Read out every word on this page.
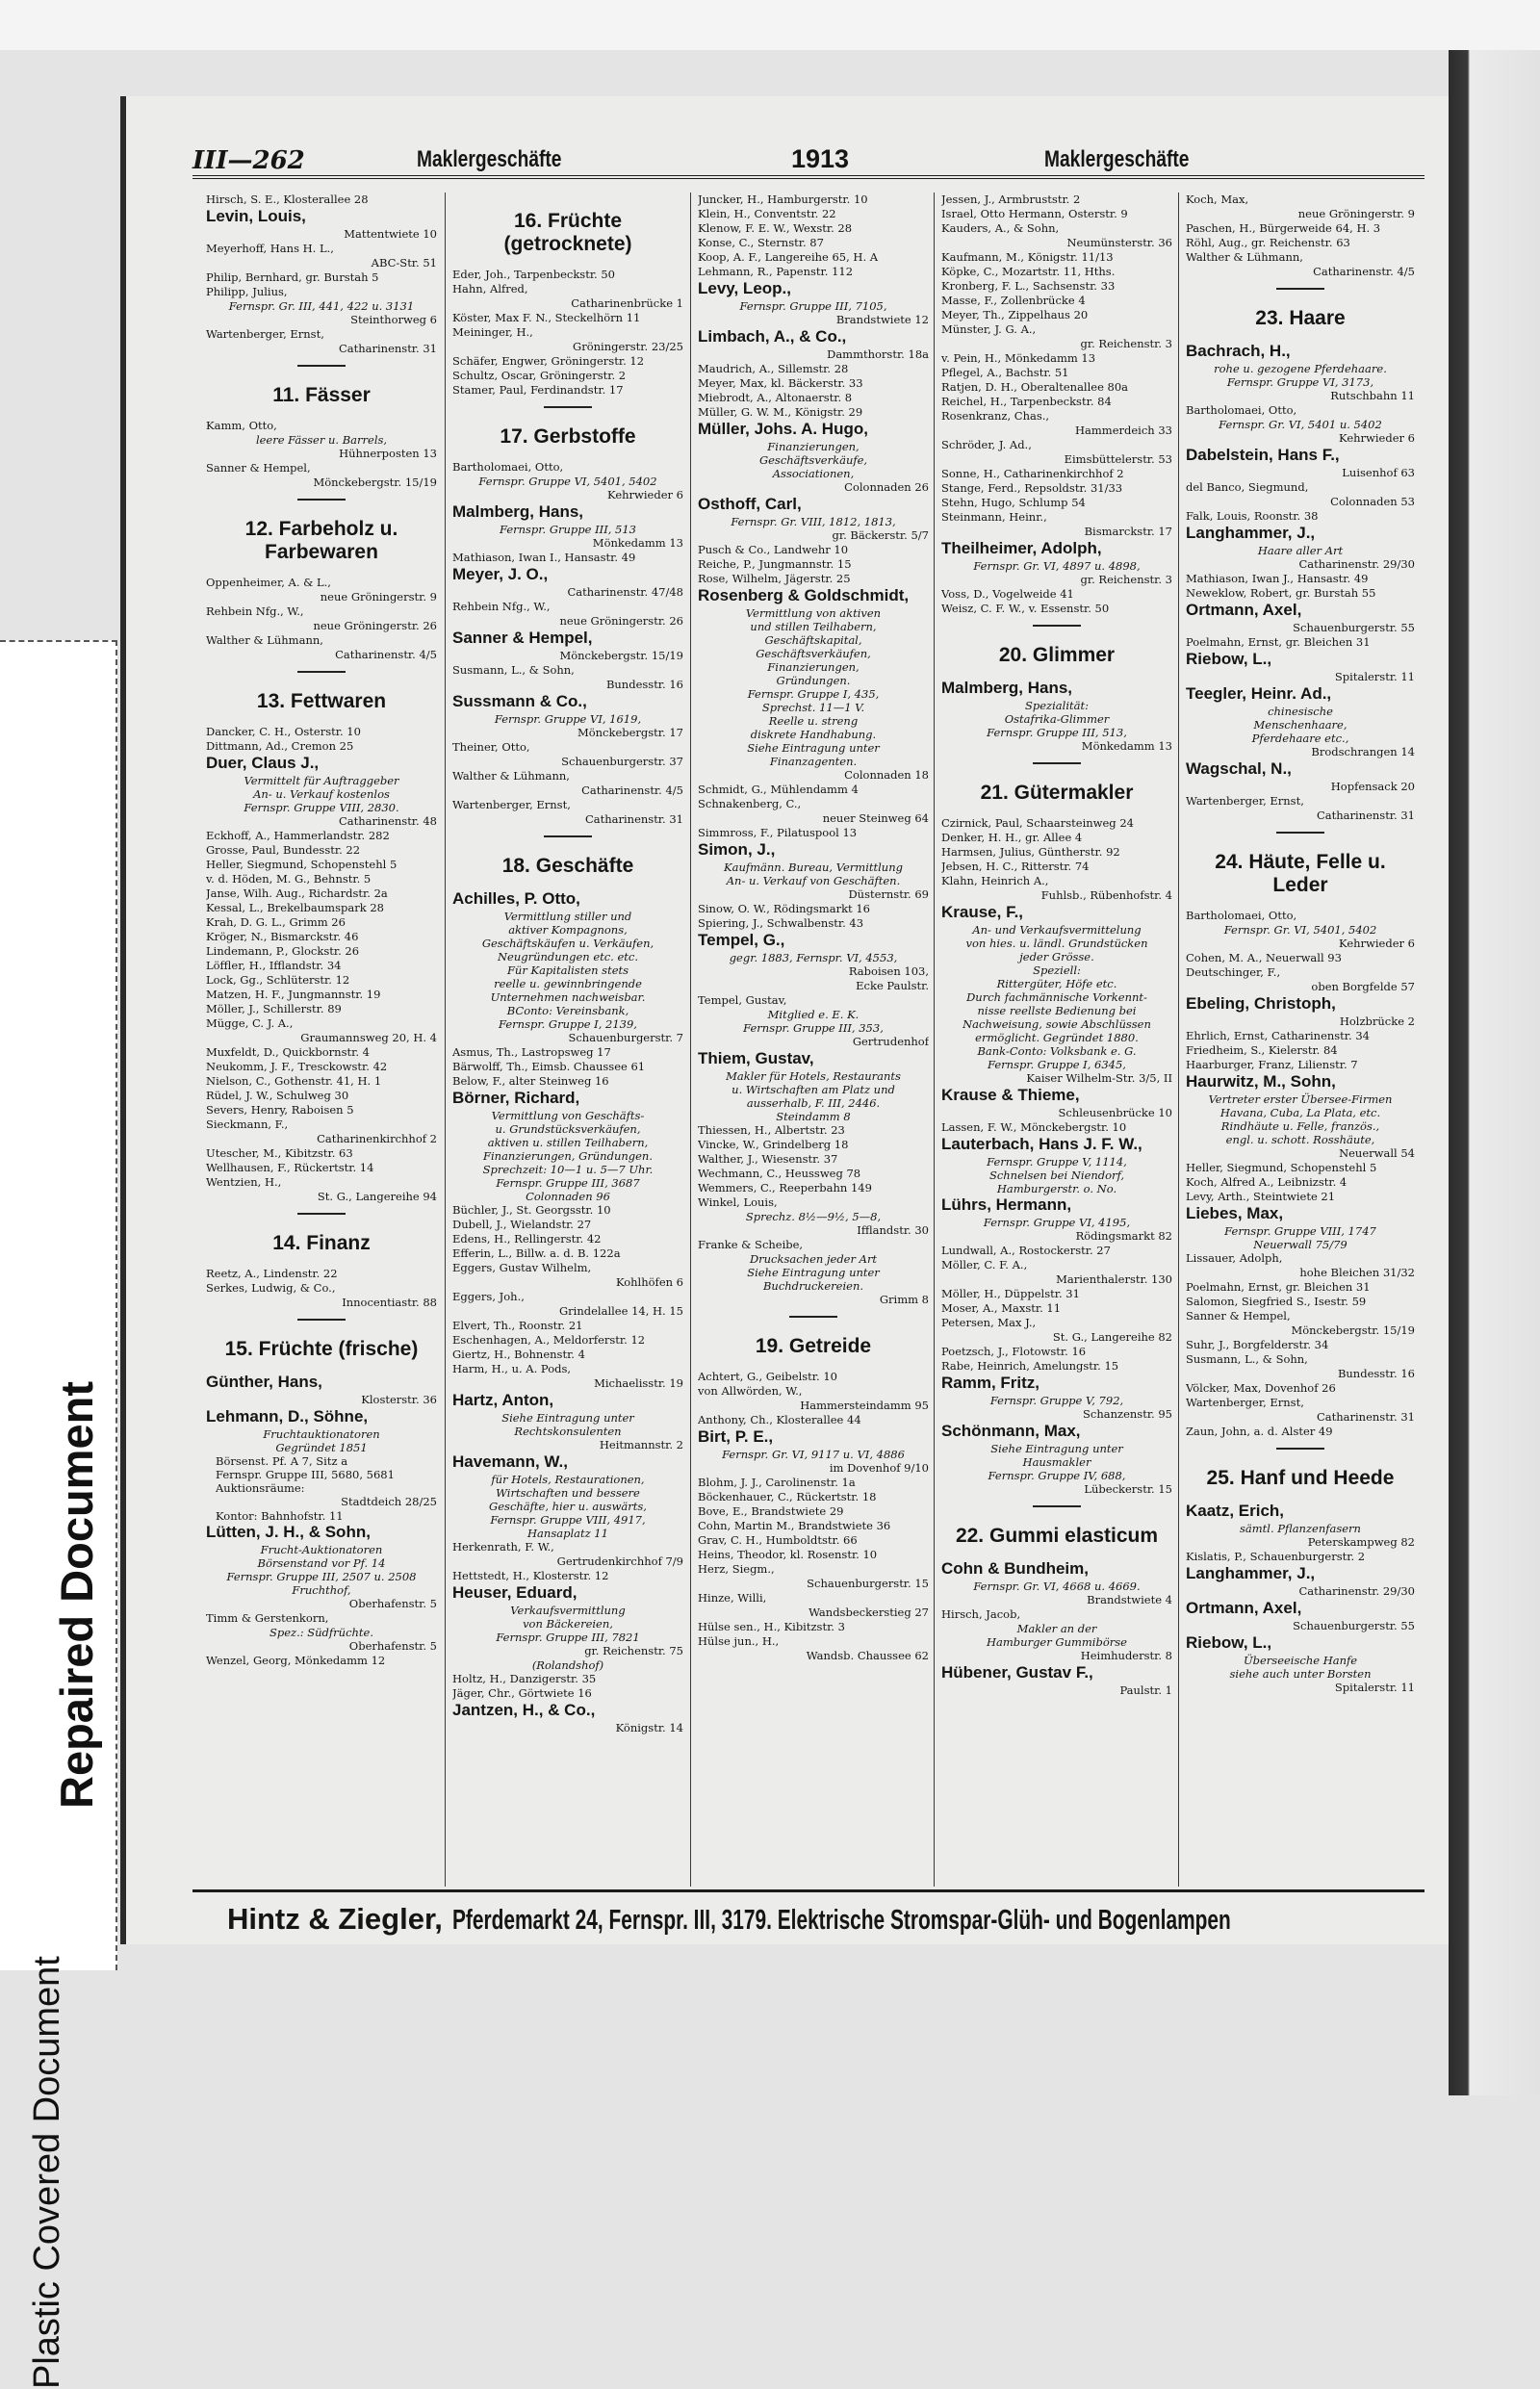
Repaired Document
Plastic Covered Document
III—262	Maklergeschäfte	1913	Maklergeschäfte
Hirsch, S. E., Klosterallee 28
Levin, Louis,
Mattentwiete 10
Meyerhoff, Hans H. L.,
ABC-Str. 51
Philip, Bernhard, gr. Burstah 5
Philipp, Julius,
Fernspr. Gr. III, 441, 422 u. 3131
Steinthorweg 6
Wartenberger, Ernst,
Catharinenstr. 31
11. Fässer
Kamm, Otto,
leere Fässer u. Barrels,
Hühnerposten 13
Sanner & Hempel,
Mönckebergstr. 15/19
12. Farbeholz u. Farbewaren
Oppenheimer, A. & L.,
neue Gröningerstr. 9
Rehbein Nfg., W.,
neue Gröningerstr. 26
Walther & Lühmann,
Catharinenstr. 4/5
13. Fettwaren
Dancker, C. H., Osterstr. 10
Dittmann, Ad., Cremon 25
Duer, Claus J.,
Vermittelt für Auftraggeber
An- u. Verkauf kostenlos
Fernspr. Gruppe VIII, 2830.
Catharinenstr. 48
Eckhoff, A., Hammerlandstr. 282
Grosse, Paul, Bundesstr. 22
Heller, Siegmund, Schopenstehl 5
v. d. Höden, M. G., Behnstr. 5
Janse, Wilh. Aug., Richardstr. 2a
Kessal, L., Brekelbaumspark 28
Krah, D. G. L., Grimm 26
Kröger, N., Bismarckstr. 46
Lindemann, P., Glockstr. 26
Löffler, H., Ifflandstr. 34
Lock, Gg., Schlüterstr. 12
Matzen, H. F., Jungmannstr. 19
Möller, J., Schillerstr. 89
Mügge, C. J. A.,
Graumannsweg 20, H. 4
Muxfeldt, D., Quickbornstr. 4
Neukomm, J. F., Tresckowstr. 42
Nielson, C., Gothenstr. 41, H. 1
Rüdel, J. W., Schulweg 30
Severs, Henry, Raboisen 5
Sieckmann, F.,
Catharinenkirchhof 2
Utescher, M., Kibitzstr. 63
Wellhausen, F., Rückertstr. 14
Wentzien, H.,
St. G., Langereihe 94
14. Finanz
Reetz, A., Lindenstr. 22
Serkes, Ludwig, & Co.,
Innocentiastr. 88
15. Früchte (frische)
Günther, Hans,
Klosterstr. 36
Lehmann, D., Söhne,
Fruchtauktionatoren
Gegründet 1851
Börsenst. Pf. A 7, Sitz a
Fernspr. Gruppe III, 5680, 5681
Auktionsräume:
Stadtdeich 28/25
Kontor: Bahnhofstr. 11
Lütten, J. H., & Sohn,
Frucht-Auktionatoren
Börsenstand vor Pf. 14
Fernspr. Gruppe III, 2507 u. 2508
Fruchthof,
Oberhafenstr. 5
Timm & Gerstenkorn,
Spez.: Südfrüchte.
Oberhafenstr. 5
Wenzel, Georg, Mönkedamm 12
16. Früchte (getrocknete)
Eder, Joh., Tarpenbeckstr. 50
Hahn, Alfred,
Catharinenbrücke 1
Köster, Max F. N., Steckelhörn 11
Meininger, H.,
Gröningerstr. 23/25
Schäfer, Engwer, Gröningerstr. 12
Schultz, Oscar, Gröningerstr. 2
Stamer, Paul, Ferdinandstr. 17
17. Gerbstoffe
Bartholomaei, Otto,
Fernspr. Gruppe VI, 5401, 5402
Kehrwieder 6
Malmberg, Hans,
Fernspr. Gruppe III, 513
Mönkedamm 13
Mathiason, Iwan I., Hansastr. 49
Meyer, J. O.,
Catharinenstr. 47/48
Rehbein Nfg., W.,
neue Gröningerstr. 26
Sanner & Hempel,
Mönckebergstr. 15/19
Susmann, L., & Sohn,
Bundesstr. 16
Sussmann & Co.,
Fernspr. Gruppe VI, 1619,
Mönckebergstr. 17
Theiner, Otto,
Schauenburgerstr. 37
Walther & Lühmann,
Catharinenstr. 4/5
Wartenberger, Ernst,
Catharinenstr. 31
18. Geschäfte
Achilles, P. Otto,
Vermittlung stiller und
aktiver Kompagnons,
Geschäftskäufen u. Verkäufen,
Neugründungen etc. etc.
Für Kapitalisten stets
reelle u. gewinnbringende
Unternehmen nachweisbar.
BConto: Vereinsbank,
Fernspr. Gruppe I, 2139,
Schauenburgerstr. 7
Asmus, Th., Lastropsweg 17
Bärwolff, Th., Eimsb. Chaussee 61
Below, F., alter Steinweg 16
Börner, Richard,
Vermittlung von Geschäfts-
u. Grundstücksverkäufen,
aktiven u. stillen Teilhabern,
Finanzierungen, Gründungen.
Sprechzeit: 10—1 u. 5—7 Uhr.
Fernspr. Gruppe III, 3687
Colonnaden 96
Büchler, J., St. Georgsstr. 10
Dubell, J., Wielandstr. 27
Edens, H., Rellingerstr. 42
Efferin, L., Billw. a. d. B. 122a
Eggers, Gustav Wilhelm,
Kohlhöfen 6
Eggers, Joh.,
Grindelallee 14, H. 15
Elvert, Th., Roonstr. 21
Eschenhagen, A., Meldorferstr. 12
Giertz, H., Bohnenstr. 4
Harm, H., u. A. Pods,
Michaelisstr. 19
Hartz, Anton,
Siehe Eintragung unter
Rechtskonsulenten
Heitmannstr. 2
Havemann, W.,
für Hotels, Restaurationen,
Wirtschaften und bessere
Geschäfte, hier u. auswärts,
Fernspr. Gruppe VIII, 4917,
Hansaplatz 11
Herkenrath, F. W.,
Gertrudenkirchhof 7/9
Hettstedt, H., Klosterstr. 12
Heuser, Eduard,
Verkaufsvermittlung
von Bäckereien,
Fernspr. Gruppe III, 7821
gr. Reichenstr. 75
(Rolandshof)
Holtz, H., Danzigerstr. 35
Jäger, Chr., Görtwiete 16
Jantzen, H., & Co.,
Königstr. 14
Juncker, H., Hamburgerstr. 10
Klein, H., Conventstr. 22
Klenow, F. E. W., Wexstr. 28
Konse, C., Sternstr. 87
Koop, A. F., Langereihe 65, H. A
Lehmann, R., Papenstr. 112
Levy, Leop.,
Fernspr. Gruppe III, 7105,
Brandstwiete 12
Limbach, A., & Co.,
Dammthorstr. 18a
Maudrich, A., Sillemstr. 28
Meyer, Max, kl. Bäckerstr. 33
Miebrodt, A., Altonaerstr. 8
Müller, G. W. M., Königstr. 29
Müller, Johs. A. Hugo,
Finanzierungen,
Geschäftsverkäufe,
Associationen,
Colonnaden 26
Osthoff, Carl,
Fernspr. Gr. VIII, 1812, 1813,
gr. Bäckerstr. 5/7
Pusch & Co., Landwehr 10
Reiche, P., Jungmannstr. 15
Rose, Wilhelm, Jägerstr. 25
Rosenberg & Goldschmidt,
Vermittlung von aktiven
und stillen Teilhabern,
Geschäftskapital,
Geschäftsverkäufen,
Finanzierungen,
Gründungen.
Fernspr. Gruppe I, 435,
Sprechst. 11—1 V.
Reelle u. streng
diskrete Handhabung.
Siehe Eintragung unter
Finanzagenten.
Colonnaden 18
Schmidt, G., Mühlendamm 4
Schnakenberg, C.,
neuer Steinweg 64
Simmross, F., Pilatuspool 13
Simon, J.,
Kaufmänn. Bureau, Vermittlung
An- u. Verkauf von Geschäften.
Düsternstr. 69
Sinow, O. W., Rödingsmarkt 16
Spiering, J., Schwalbenstr. 43
Tempel, G.,
gegr. 1883, Fernspr. VI, 4553,
Raboisen 103,
Ecke Paulstr.
Tempel, Gustav,
Mitglied e. E. K.
Fernspr. Gruppe III, 353,
Gertrudenhof
Thiem, Gustav,
Makler für Hotels, Restaurants
u. Wirtschaften am Platz und
ausserhalb, F. III, 2446.
Steindamm 8
Thiessen, H., Albertstr. 23
Vincke, W., Grindelberg 18
Walther, J., Wiesenstr. 37
Wechmann, C., Heussweg 78
Wemmers, C., Reeperbahn 149
Winkel, Louis,
Sprechz. 8½—9½, 5—8,
Ifflandstr. 30
Franke & Scheibe,
Drucksachen jeder Art
Siehe Eintragung unter
Buchdruckereien.
Grimm 8
19. Getreide
Achtert, G., Geibelstr. 10
von Allwörden, W.,
Hammersteindamm 95
Anthony, Ch., Klosterallee 44
Birt, P. E.,
Fernspr. Gr. VI, 9117 u. VI, 4886
im Dovenhof 9/10
Blohm, J. J., Carolinenstr. 1a
Böckenhauer, C., Rückertstr. 18
Bove, E., Brandstwiete 29
Cohn, Martin M., Brandstwiete 36
Grav, C. H., Humboldtstr. 66
Heins, Theodor, kl. Rosenstr. 10
Herz, Siegm.,
Schauenburgerstr. 15
Hinze, Willi,
Wandsbeckerstieg 27
Hülse sen., H., Kibitzstr. 3
Hülse jun., H.,
Wandsb. Chaussee 62
Jessen, J., Armbruststr. 2
Israel, Otto Hermann, Osterstr. 9
Kauders, A., & Sohn,
Neumünsterstr. 36
Kaufmann, M., Königstr. 11/13
Köpke, C., Mozartstr. 11, Hths.
Kronberg, F. L., Sachsenstr. 33
Masse, F., Zollenbrücke 4
Meyer, Th., Zippelhaus 20
Münster, J. G. A.,
gr. Reichenstr. 3
v. Pein, H., Mönkedamm 13
Pflegel, A., Bachstr. 51
Ratjen, D. H., Oberaltenallee 80a
Reichel, H., Tarpenbeckstr. 84
Rosenkranz, Chas.,
Hammerdeich 33
Schröder, J. Ad.,
Eimsbüttelerstr. 53
Sonne, H., Catharinenkirchhof 2
Stange, Ferd., Repsoldstr. 31/33
Stehn, Hugo, Schlump 54
Steinmann, Heinr.,
Bismarckstr. 17
Theilheimer, Adolph,
Fernspr. Gr. VI, 4897 u. 4898,
gr. Reichenstr. 3
Voss, D., Vogelweide 41
Weisz, C. F. W., v. Essenstr. 50
20. Glimmer
Malmberg, Hans,
Spezialität:
Ostafrika-Glimmer
Fernspr. Gruppe III, 513,
Mönkedamm 13
21. Gütermakler
Czirnick, Paul, Schaarsteinweg 24
Denker, H. H., gr. Allee 4
Harmsen, Julius, Güntherstr. 92
Jebsen, H. C., Ritterstr. 74
Klahn, Heinrich A.,
Fuhlsb., Rübenhofstr. 4
Krause, F.,
An- und Verkaufsvermittelung
von hies. u. ländl. Grundstücken
jeder Grösse.
Speziell:
Rittergüter, Höfe etc.
Durch fachmännische Vorkennt-
nisse reellste Bedienung bei
Nachweisung, sowie Abschlüssen
ermöglicht. Gegründet 1880.
Bank-Conto: Volksbank e. G.
Fernspr. Gruppe I, 6345,
Kaiser Wilhelm-Str. 3/5, II
Krause & Thieme,
Schleusenbrücke 10
Lassen, F. W., Mönckebergstr. 10
Lauterbach, Hans J. F. W.,
Fernspr. Gruppe V, 1114,
Schnelsen bei Niendorf,
Hamburgerstr. o. No.
Lührs, Hermann,
Fernspr. Gruppe VI, 4195,
Rödingsmarkt 82
Lundwall, A., Rostockerstr. 27
Möller, C. F. A.,
Marienthalerstr. 130
Möller, H., Düppelstr. 31
Moser, A., Maxstr. 11
Petersen, Max J.,
St. G., Langereihe 82
Poetzsch, J., Flotowstr. 16
Rabe, Heinrich, Amelungstr. 15
Ramm, Fritz,
Fernspr. Gruppe V, 792,
Schanzenstr. 95
Schönmann, Max,
Siehe Eintragung unter
Hausmakler
Fernspr. Gruppe IV, 688,
Lübeckerstr. 15
22. Gummi elasticum
Cohn & Bundheim,
Fernspr. Gr. VI, 4668 u. 4669.
Brandstwiete 4
Hirsch, Jacob,
Makler an der
Hamburger Gummibörse
Heimhuderstr. 8
Hübener, Gustav F.,
Paulstr. 1
Koch, Max,
neue Gröningerstr. 9
Paschen, H., Bürgerweide 64, H. 3
Röhl, Aug., gr. Reichenstr. 63
Walther & Lühmann,
Catharinenstr. 4/5
23. Haare
Bachrach, H.,
rohe u. gezogene Pferdehaare.
Fernspr. Gruppe VI, 3173,
Rutschbahn 11
Bartholomaei, Otto,
Fernspr. Gr. VI, 5401 u. 5402
Kehrwieder 6
Dabelstein, Hans F.,
Luisenhof 63
del Banco, Siegmund,
Colonnaden 53
Falk, Louis, Roonstr. 38
Langhammer, J.,
Haare aller Art
Catharinenstr. 29/30
Mathiason, Iwan J., Hansastr. 49
Neweklow, Robert, gr. Burstah 55
Ortmann, Axel,
Schauenburgerstr. 55
Poelmahn, Ernst, gr. Bleichen 31
Riebow, L.,
Spitalerstr. 11
Teegler, Heinr. Ad.,
chinesische
Menschenhaare,
Pferdehaare etc.,
Brodschrangen 14
Wagschal, N.,
Hopfensack 20
Wartenberger, Ernst,
Catharinenstr. 31
24. Häute, Felle u. Leder
Bartholomaei, Otto,
Fernspr. Gr. VI, 5401, 5402
Kehrwieder 6
Cohen, M. A., Neuerwall 93
Deutschinger, F.,
oben Borgfelde 57
Ebeling, Christoph,
Holzbrücke 2
Ehrlich, Ernst, Catharinenstr. 34
Friedheim, S., Kielerstr. 84
Haarburger, Franz, Lilienstr. 7
Haurwitz, M., Sohn,
Vertreter erster Übersee-Firmen
Havana, Cuba, La Plata, etc.
Rindhäute u. Felle, französ.,
engl. u. schott. Rosshäute,
Neuerwall 54
Heller, Siegmund, Schopenstehl 5
Koch, Alfred A., Leibnizstr. 4
Levy, Arth., Steintwiete 21
Liebes, Max,
Fernspr. Gruppe VIII, 1747
Neuerwall 75/79
Lissauer, Adolph,
hohe Bleichen 31/32
Poelmahn, Ernst, gr. Bleichen 31
Salomon, Siegfried S., Isestr. 59
Sanner & Hempel,
Mönckebergstr. 15/19
Suhr, J., Borgfelderstr. 34
Susmann, L., & Sohn,
Bundesstr. 16
Völcker, Max, Dovenhof 26
Wartenberger, Ernst,
Catharinenstr. 31
Zaun, John, a. d. Alster 49
25. Hanf und Heede
Kaatz, Erich,
sämtl. Pflanzenfasern
Peterskampweg 82
Kislatis, P., Schauenburgerstr. 2
Langhammer, J.,
Catharinenstr. 29/30
Ortmann, Axel,
Schauenburgerstr. 55
Riebow, L.,
Überseeische Hanfe
siehe auch unter Borsten
Spitalerstr. 11
Hintz & Ziegler, Pferdemarkt 24, Fernspr. III, 3179. Elektrische Stromspar-Glüh- und Bogenlampen
